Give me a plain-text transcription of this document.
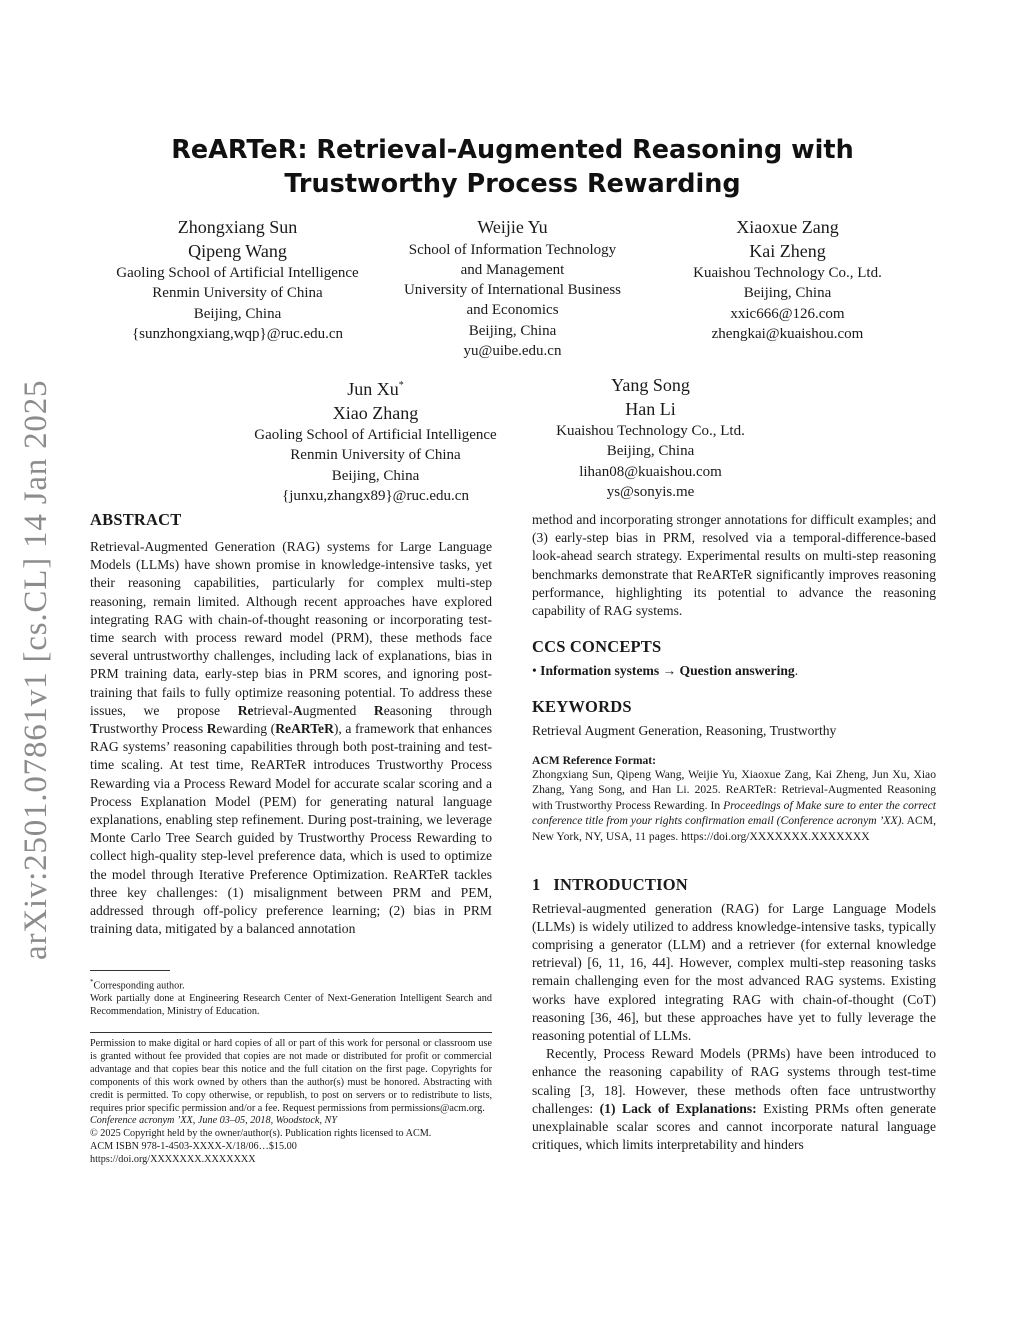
arXiv:2501.07861v1 [cs.CL] 14 Jan 2025
ReARTeR: Retrieval-Augmented Reasoning with Trustworthy Process Rewarding
Zhongxiang Sun
Qipeng Wang
Gaoling School of Artificial Intelligence
Renmin University of China
Beijing, China
{sunzhongxiang,wqp}@ruc.edu.cn
Weijie Yu
School of Information Technology
and Management
University of International Business
and Economics
Beijing, China
yu@uibe.edu.cn
Xiaoxue Zang
Kai Zheng
Kuaishou Technology Co., Ltd.
Beijing, China
xxic666@126.com
zhengkai@kuaishou.com
Jun Xu*
Xiao Zhang
Gaoling School of Artificial Intelligence
Renmin University of China
Beijing, China
{junxu,zhangx89}@ruc.edu.cn
Yang Song
Han Li
Kuaishou Technology Co., Ltd.
Beijing, China
lihan08@kuaishou.com
ys@sonyis.me
ABSTRACT

Retrieval-Augmented Generation (RAG) systems for Large Language Models (LLMs) have shown promise in knowledge-intensive tasks, yet their reasoning capabilities, particularly for complex multi-step reasoning, remain limited. Although recent approaches have explored integrating RAG with chain-of-thought reasoning or incorporating test-time search with process reward model (PRM), these methods face several untrustworthy challenges, including lack of explanations, bias in PRM training data, early-step bias in PRM scores, and ignoring post-training that fails to fully optimize reasoning potential. To address these issues, we propose Retrieval-Augmented Reasoning through Trustworthy Process Rewarding (ReARTeR), a framework that enhances RAG systems’ reasoning capabilities through both post-training and test-time scaling. At test time, ReARTeR introduces Trustworthy Process Rewarding via a Process Reward Model for accurate scalar scoring and a Process Explanation Model (PEM) for generating natural language explanations, enabling step refinement. During post-training, we leverage Monte Carlo Tree Search guided by Trustworthy Process Rewarding to collect high-quality step-level preference data, which is used to optimize the model through Iterative Preference Optimization. ReARTeR tackles three key challenges: (1) misalignment between PRM and PEM, addressed through off-policy preference learning; (2) bias in PRM training data, mitigated by a balanced annotation

*Corresponding author.

Work partially done at Engineering Research Center of Next-Generation Intelligent Search and Recommendation, Ministry of Education.

Permission to make digital or hard copies of all or part of this work for personal or classroom use is granted without fee provided that copies are not made or distributed for profit or commercial advantage and that copies bear this notice and the full citation on the first page. Copyrights for components of this work owned by others than the author(s) must be honored. Abstracting with credit is permitted. To copy otherwise, or republish, to post on servers or to redistribute to lists, requires prior specific permission and/or a fee. Request permissions from permissions@acm.org.

Conference acronym ’XX, June 03–05, 2018, Woodstock, NY

© 2025 Copyright held by the owner/author(s). Publication rights licensed to ACM.

ACM ISBN 978-1-4503-XXXX-X/18/06…$15.00

https://doi.org/XXXXXXX.XXXXXXX

method and incorporating stronger annotations for difficult examples; and (3) early-step bias in PRM, resolved via a temporal-difference-based look-ahead search strategy. Experimental results on multi-step reasoning benchmarks demonstrate that ReARTeR significantly improves reasoning performance, highlighting its potential to advance the reasoning capability of RAG systems.

CCS CONCEPTS

• Information systems → Question answering.

KEYWORDS

Retrieval Augment Generation, Reasoning, Trustworthy

ACM Reference Format:

Zhongxiang Sun, Qipeng Wang, Weijie Yu, Xiaoxue Zang, Kai Zheng, Jun Xu, Xiao Zhang, Yang Song, and Han Li. 2025. ReARTeR: Retrieval-Augmented Reasoning with Trustworthy Process Rewarding. In Proceedings of Make sure to enter the correct conference title from your rights confirmation email (Conference acronym ’XX). ACM, New York, NY, USA, 11 pages. https://doi.org/XXXXXXX.XXXXXXX

1   INTRODUCTION

Retrieval-augmented generation (RAG) for Large Language Models (LLMs) is widely utilized to address knowledge-intensive tasks, typically comprising a generator (LLM) and a retriever (for external knowledge retrieval) [6, 11, 16, 44]. However, complex multi-step reasoning tasks remain challenging even for the most advanced RAG systems. Existing works have explored integrating RAG with chain-of-thought (CoT) reasoning [36, 46], but these approaches have yet to fully leverage the reasoning potential of LLMs.

Recently, Process Reward Models (PRMs) have been introduced to enhance the reasoning capability of RAG systems through test-time scaling [3, 18]. However, these methods often face untrustworthy challenges: (1) Lack of Explanations: Existing PRMs often generate unexplainable scalar scores and cannot incorporate natural language critiques, which limits interpretability and hinders
